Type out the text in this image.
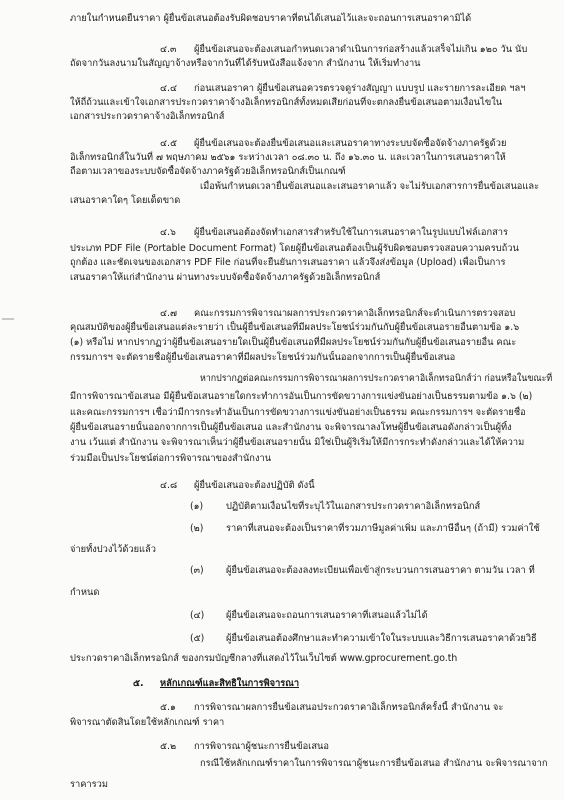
ภายในกำหนดยืนราคา ผู้ยื่นข้อเสนอต้องรับผิดชอบราคาที่ตนได้เสนอไว้และจะถอนการเสนอราคามิได้
๔.๓ ผู้ยื่นข้อเสนอจะต้องเสนอกำหนดเวลาดำเนินการก่อสร้างแล้วเสร็จไม่เกิน ๑๒๐ วัน นับ
ถัดจากวันลงนามในสัญญาจ้างหรือจากวันที่ได้รับหนังสือแจ้งจาก สำนักงาน ให้เริ่มทำงาน
๔.๔ ก่อนเสนอราคา ผู้ยื่นข้อเสนอควรตรวจดูร่างสัญญา แบบรูป และรายการละเอียด ฯลฯ
ให้ถี่ถ้วนและเข้าใจเอกสารประกวดราคาจ้างอิเล็กทรอนิกส์ทั้งหมดเสียก่อนที่จะตกลงยื่นข้อเสนอตามเงื่อนไขใน
เอกสารประกวดราคาจ้างอิเล็กทรอนิกส์
๔.๕ ผู้ยื่นข้อเสนอจะต้องยื่นข้อเสนอและเสนอราคาทางระบบจัดซื้อจัดจ้างภาครัฐด้วย
อิเล็กทรอนิกส์ในวันที่ ๗ พฤษภาคม ๒๕๖๑ ระหว่างเวลา ๐๘.๓๐ น. ถึง ๑๖.๓๐ น. และเวลาในการเสนอราคาให้
ถือตามเวลาของระบบจัดซื้อจัดจ้างภาครัฐด้วยอิเล็กทรอนิกส์เป็นเกณฑ์
เมื่อพ้นกำหนดเวลายื่นข้อเสนอและเสนอราคาแล้ว จะไม่รับเอกสารการยื่นข้อเสนอและ
เสนอราคาใดๆ โดยเด็ดขาด
๔.๖ ผู้ยื่นข้อเสนอต้องจัดทำเอกสารสำหรับใช้ในการเสนอราคาในรูปแบบไฟล์เอกสาร
ประเภท PDF File (Portable Document Format) โดยผู้ยื่นข้อเสนอต้องเป็นผู้รับผิดชอบตรวจสอบความครบถ้วน
ถูกต้อง และชัดเจนของเอกสาร PDF File ก่อนที่จะยืนยันการเสนอราคา แล้วจึงส่งข้อมูล (Upload) เพื่อเป็นการ
เสนอราคาให้แก่สำนักงาน ผ่านทางระบบจัดซื้อจัดจ้างภาครัฐด้วยอิเล็กทรอนิกส์
๔.๗ คณะกรรมการพิจารณาผลการประกวดราคาอิเล็กทรอนิกส์จะดำเนินการตรวจสอบ
คุณสมบัติของผู้ยื่นข้อเสนอแต่ละรายว่า เป็นผู้ยื่นข้อเสนอที่มีผลประโยชน์ร่วมกันกับผู้ยื่นข้อเสนอรายอื่นตามข้อ ๑.๖
(๑) หรือไม่ หากปรากฏว่าผู้ยื่นข้อเสนอรายใดเป็นผู้ยื่นข้อเสนอที่มีผลประโยชน์ร่วมกันกับผู้ยื่นข้อเสนอรายอื่น คณะ
กรรมการฯ จะตัดรายชื่อผู้ยื่นข้อเสนอราคาที่มีผลประโยชน์ร่วมกันนั้นออกจากการเป็นผู้ยื่นข้อเสนอ
หากปรากฏต่อคณะกรรมการพิจารณาผลการประกวดราคาอิเล็กทรอนิกส์ว่า ก่อนหรือในขณะที่
มีการพิจารณาข้อเสนอ มีผู้ยื่นข้อเสนอรายใดกระทำการอันเป็นการขัดขวางการแข่งขันอย่างเป็นธรรมตามข้อ ๑.๖ (๒)
และคณะกรรมการฯ เชื่อว่ามีการกระทำอันเป็นการขัดขวางการแข่งขันอย่างเป็นธรรม คณะกรรมการฯ จะตัดรายชื่อ
ผู้ยื่นข้อเสนอรายนั้นออกจากการเป็นผู้ยื่นข้อเสนอ และสำนักงาน จะพิจารณาลงโทษผู้ยื่นข้อเสนอดังกล่าวเป็นผู้ทิ้ง
งาน เว้นแต่ สำนักงาน จะพิจารณาเห็นว่าผู้ยื่นข้อเสนอรายนั้น มิใช่เป็นผู้ริเริ่มให้มีการกระทำดังกล่าวและได้ให้ความ
ร่วมมือเป็นประโยชน์ต่อการพิจารณาของสำนักงาน
๔.๘ ผู้ยื่นข้อเสนอจะต้องปฏิบัติ ดังนี้
(๑) ปฏิบัติตามเงื่อนไขที่ระบุไว้ในเอกสารประกวดราคาอิเล็กทรอนิกส์
(๒) ราคาที่เสนอจะต้องเป็นราคาที่รวมภาษีมูลค่าเพิ่ม และภาษีอื่นๆ (ถ้ามี) รวมค่าใช้
จ่ายทั้งปวงไว้ด้วยแล้ว
(๓) ผู้ยื่นข้อเสนอจะต้องลงทะเบียนเพื่อเข้าสู่กระบวนการเสนอราคา ตามวัน เวลา ที่
กำหนด
(๔) ผู้ยื่นข้อเสนอจะถอนการเสนอราคาที่เสนอแล้วไม่ได้
(๕) ผู้ยื่นข้อเสนอต้องศึกษาและทำความเข้าใจในระบบและวิธีการเสนอราคาด้วยวิธี
ประกวดราคาอิเล็กทรอนิกส์ ของกรมบัญชีกลางที่แสดงไว้ในเว็บไซต์ www.gprocurement.go.th
๕. หลักเกณฑ์และสิทธิในการพิจารณา
๕.๑ การพิจารณาผลการยื่นข้อเสนอประกวดราคาอิเล็กทรอนิกส์ครั้งนี้ สำนักงาน จะ
พิจารณาตัดสินโดยใช้หลักเกณฑ์ ราคา
๕.๒ การพิจารณาผู้ชนะการยื่นข้อเสนอ
กรณีใช้หลักเกณฑ์ราคาในการพิจารณาผู้ชนะการยื่นข้อเสนอ สำนักงาน จะพิจารณาจาก
ราคารวม
